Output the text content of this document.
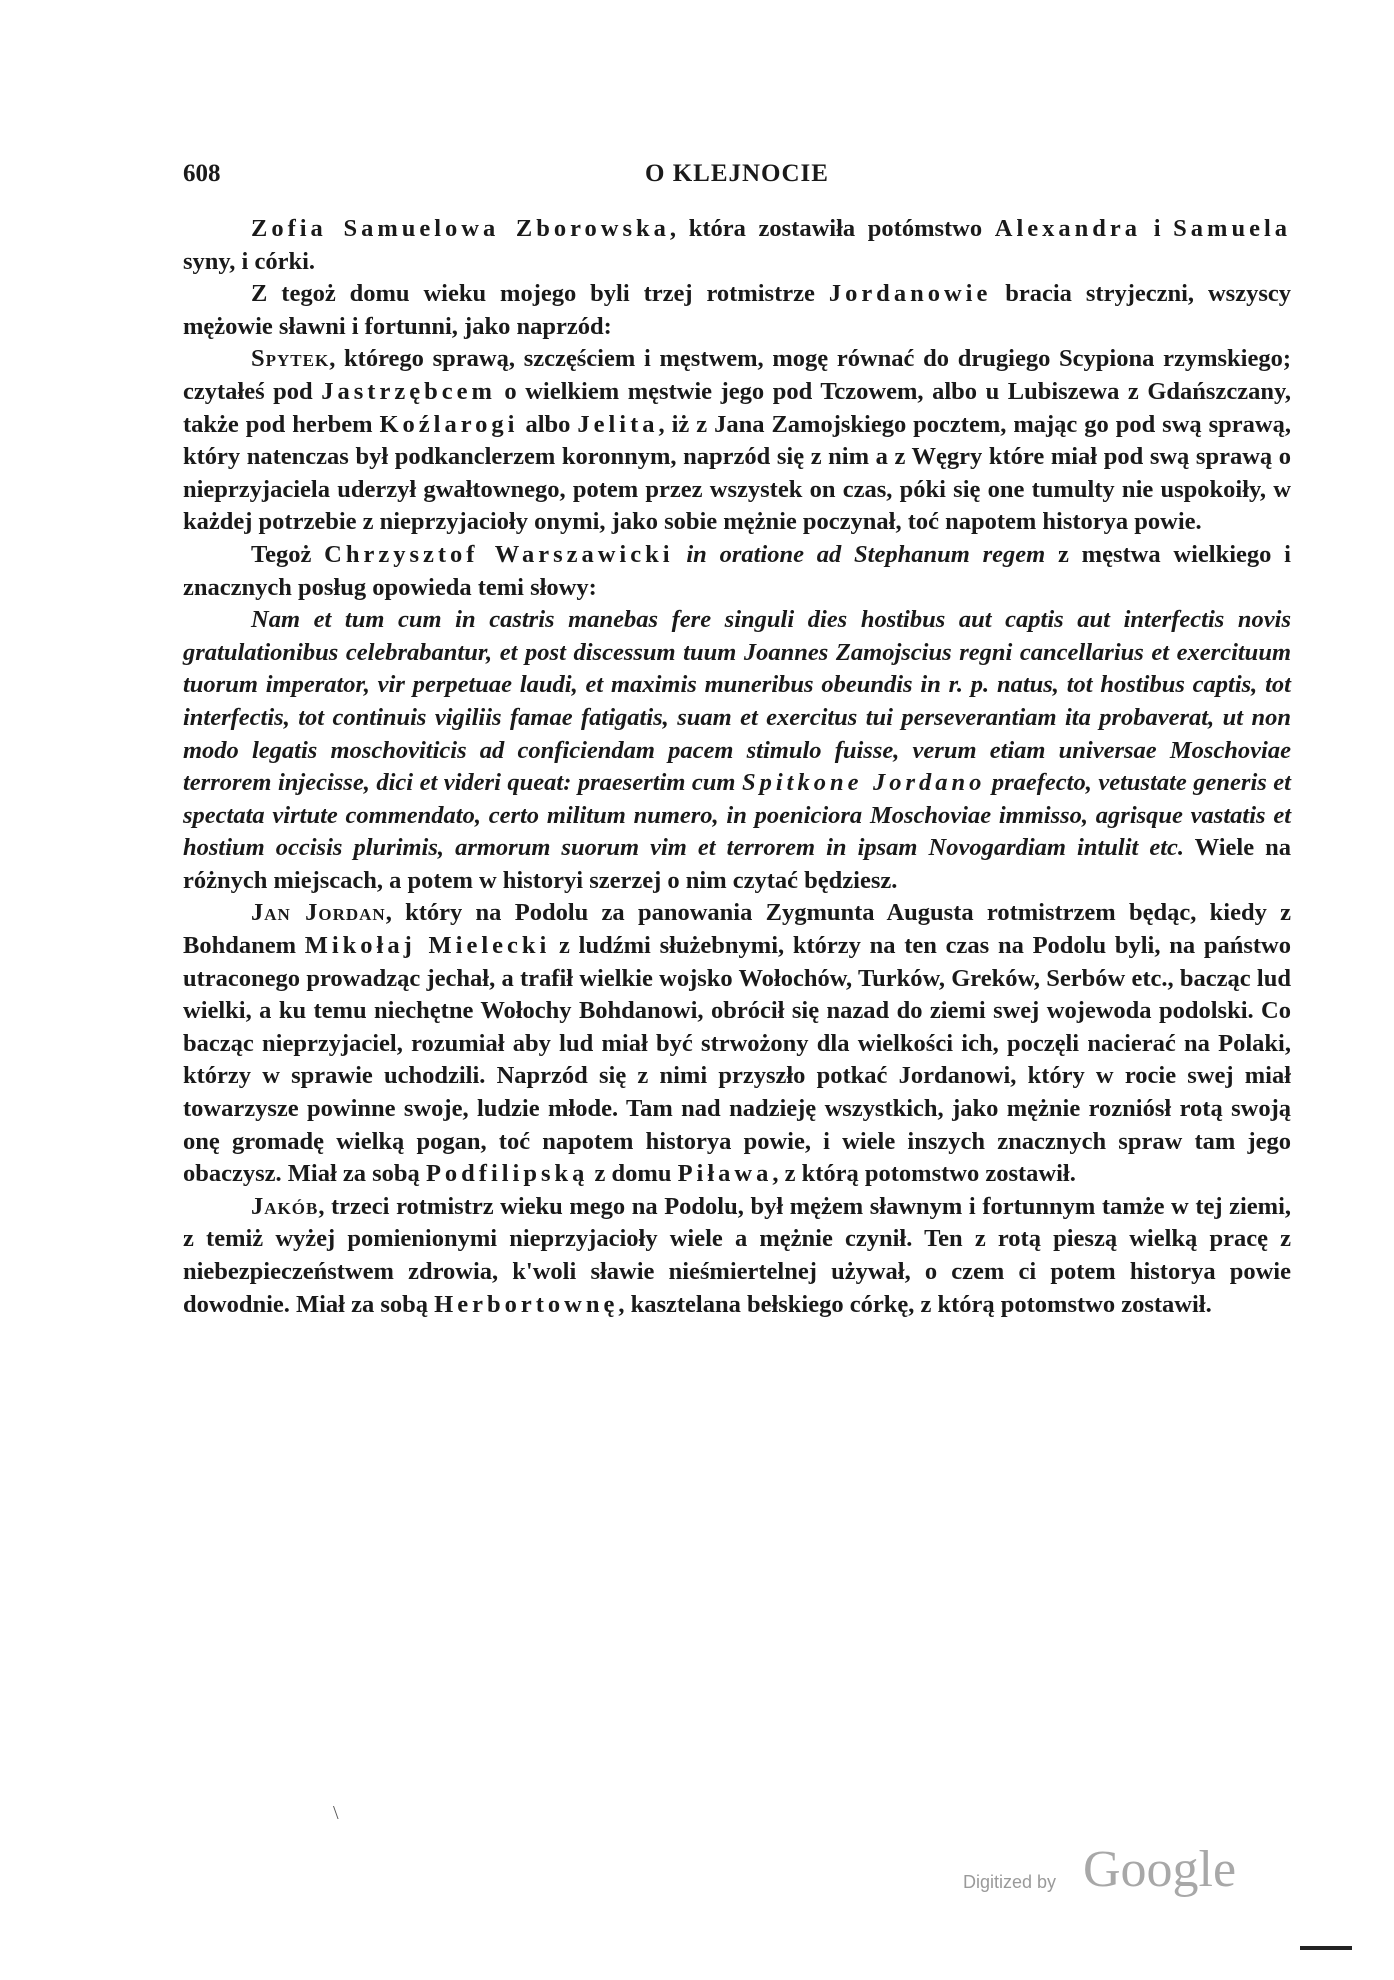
608	O KLEJNOCIE

Zofia Samuelowa Zborowska, która zostawiła potómstwo Alexandra i Samuela syny, i córki.

Z tegoż domu wieku mojego byli trzej rotmistrze Jordanowie bracia stryjeczni, wszyscy mężowie sławni i fortunni, jako naprzód:

Spytek, którego sprawą, szczęściem i męstwem, mogę równać do drugiego Scypiona rzymskiego; czytałeś pod Jastrzębcem o wielkiem męstwie jego pod Tczowem, albo u Lubiszewa z Gdańszczany, także pod herbem Koźlarogi albo Jelita, iż z Jana Zamojskiego pocztem, mając go pod swą sprawą, który natenczas był podkanclerzem koronnym, naprzód się z nim a z Węgry które miał pod swą sprawą o nieprzyjaciela uderzył gwałtownego, potem przez wszystek on czas, póki się one tumulty nie uspokoiły, w każdej potrzebie z nieprzyjacioły onymi, jako sobie mężnie poczynał, toć napotem historya powie.

Tegoż Chrzysztof Warszawicki in oratione ad Stephanum regem z męstwa wielkiego i znacznych posług opowieda temi słowy:

Nam et tum cum in castris manebas fere singuli dies hostibus aut captis aut interfectis novis gratulationibus celebrabantur, et post discessum tuum Joannes Zamojscius regni cancellarius et exercituum tuorum imperator, vir perpetuae laudi, et maximis muneribus obeundis in r. p. natus, tot hostibus captis, tot interfectis, tot continuis vigiliis famae fatigatis, suam et exercitus tui perseverantiam ita probaverat, ut non modo legatis moschoviticis ad conficiendam pacem stimulo fuisse, verum etiam universae Moschoviae terrorem injecisse, dici et videri queat: praesertim cum Spitkone Jordano praefecto, vetustate generis et spectata virtute commendato, certo militum numero, in poeniciora Moschoviae immisso, agrisque vastatis et hostium occisis plurimis, armorum suorum vim et terrorem in ipsam Novogardiam intulit etc. Wiele na różnych miejscach, a potem w historyi szerzej o nim czytać będziesz.

Jan Jordan, który na Podolu za panowania Zygmunta Augusta rotmistrzem będąc, kiedy z Bohdanem Mikołaj Mielecki z ludźmi służebnymi, którzy na ten czas na Podolu byli, na państwo utraconego prowadząc jechał, a trafił wielkie wojsko Wołochów, Turków, Greków, Serbów etc., bacząc lud wielki, a ku temu niechętne Wołochy Bohdanowi, obrócił się nazad do ziemi swej wojewoda podolski. Co bacząc nieprzyjaciel, rozumiał aby lud miał być strwożony dla wielkości ich, poczęli nacierać na Polaki, którzy w sprawie uchodzili. Naprzód się z nimi przyszło potkać Jordanowi, który w rocie swej miał towarzysze powinne swoje, ludzie młode. Tam nad nadzieję wszystkich, jako mężnie rozniósł rotą swoją onę gromadę wielką pogan, toć napotem historya powie, i wiele inszych znacznych spraw tam jego obaczysz. Miał za sobą Podfilipską z domu Piława, z którą potomstwo zostawił.

Jakób, trzeci rotmistrz wieku mego na Podolu, był mężem sławnym i fortunnym tamże w tej ziemi, z temiż wyżej pomienionymi nieprzyjacioły wiele a mężnie czynił. Ten z rotą pieszą wielką pracę z niebezpieczeństwem zdrowia, k'woli sławie nieśmiertelnej używał, o czem ci potem historya powie dowodnie. Miał za sobą Herbortownę, kasztelana bełskiego córkę, z którą potomstwo zostawił.

\
Digitized by Google
